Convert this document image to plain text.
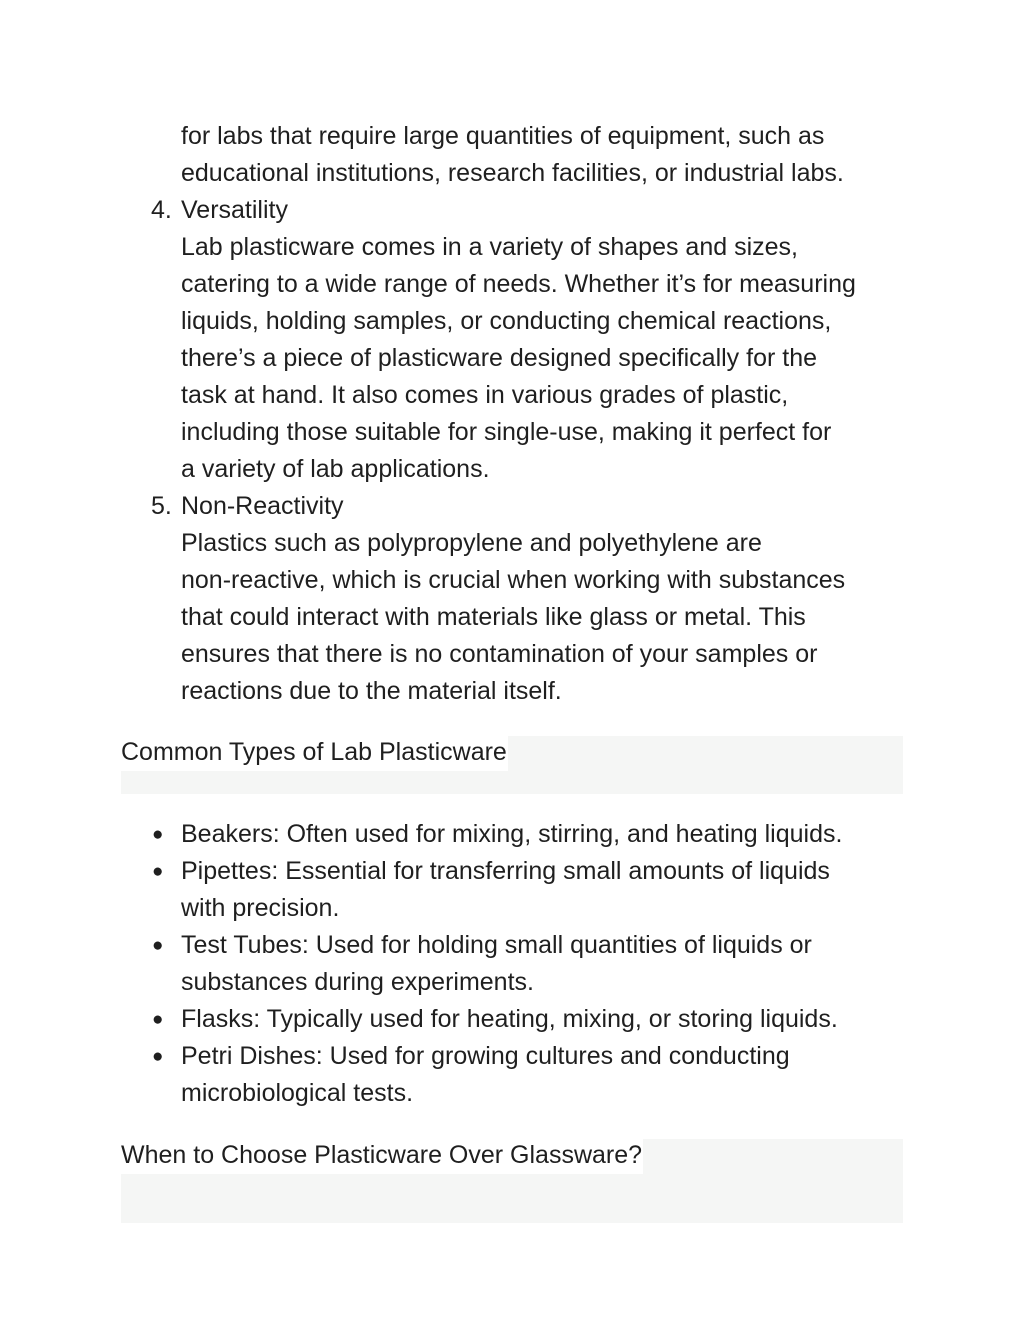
for labs that require large quantities of equipment, such as
educational institutions, research facilities, or industrial labs.
4. Versatility
Lab plasticware comes in a variety of shapes and sizes,
catering to a wide range of needs. Whether it’s for measuring
liquids, holding samples, or conducting chemical reactions,
there’s a piece of plasticware designed specifically for the
task at hand. It also comes in various grades of plastic,
including those suitable for single-use, making it perfect for
a variety of lab applications.
5. Non-Reactivity
Plastics such as polypropylene and polyethylene are
non-reactive, which is crucial when working with substances
that could interact with materials like glass or metal. This
ensures that there is no contamination of your samples or
reactions due to the material itself.
Common Types of Lab Plasticware
● Beakers: Often used for mixing, stirring, and heating liquids.
● Pipettes: Essential for transferring small amounts of liquids
with precision.
● Test Tubes: Used for holding small quantities of liquids or
substances during experiments.
● Flasks: Typically used for heating, mixing, or storing liquids.
● Petri Dishes: Used for growing cultures and conducting
microbiological tests.
When to Choose Plasticware Over Glassware?
